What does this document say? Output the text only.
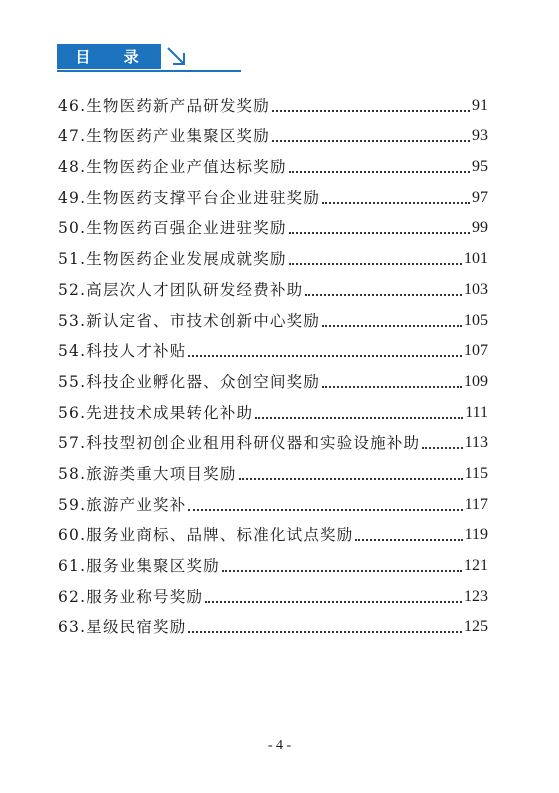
目 录
46.生物医药新产品研发奖励	91
47.生物医药产业集聚区奖励	93
48.生物医药企业产值达标奖励	95
49.生物医药支撑平台企业进驻奖励	97
50.生物医药百强企业进驻奖励	99
51.生物医药企业发展成就奖励	101
52.高层次人才团队研发经费补助	103
53.新认定省、市技术创新中心奖励	105
54.科技人才补贴	107
55.科技企业孵化器、众创空间奖励	109
56.先进技术成果转化补助	111
57.科技型初创企业租用科研仪器和实验设施补助	113
58.旅游类重大项目奖励	115
59.旅游产业奖补	117
60.服务业商标、品牌、标准化试点奖励	119
61.服务业集聚区奖励	121
62.服务业称号奖励	123
63.星级民宿奖励	125
- 4 -
